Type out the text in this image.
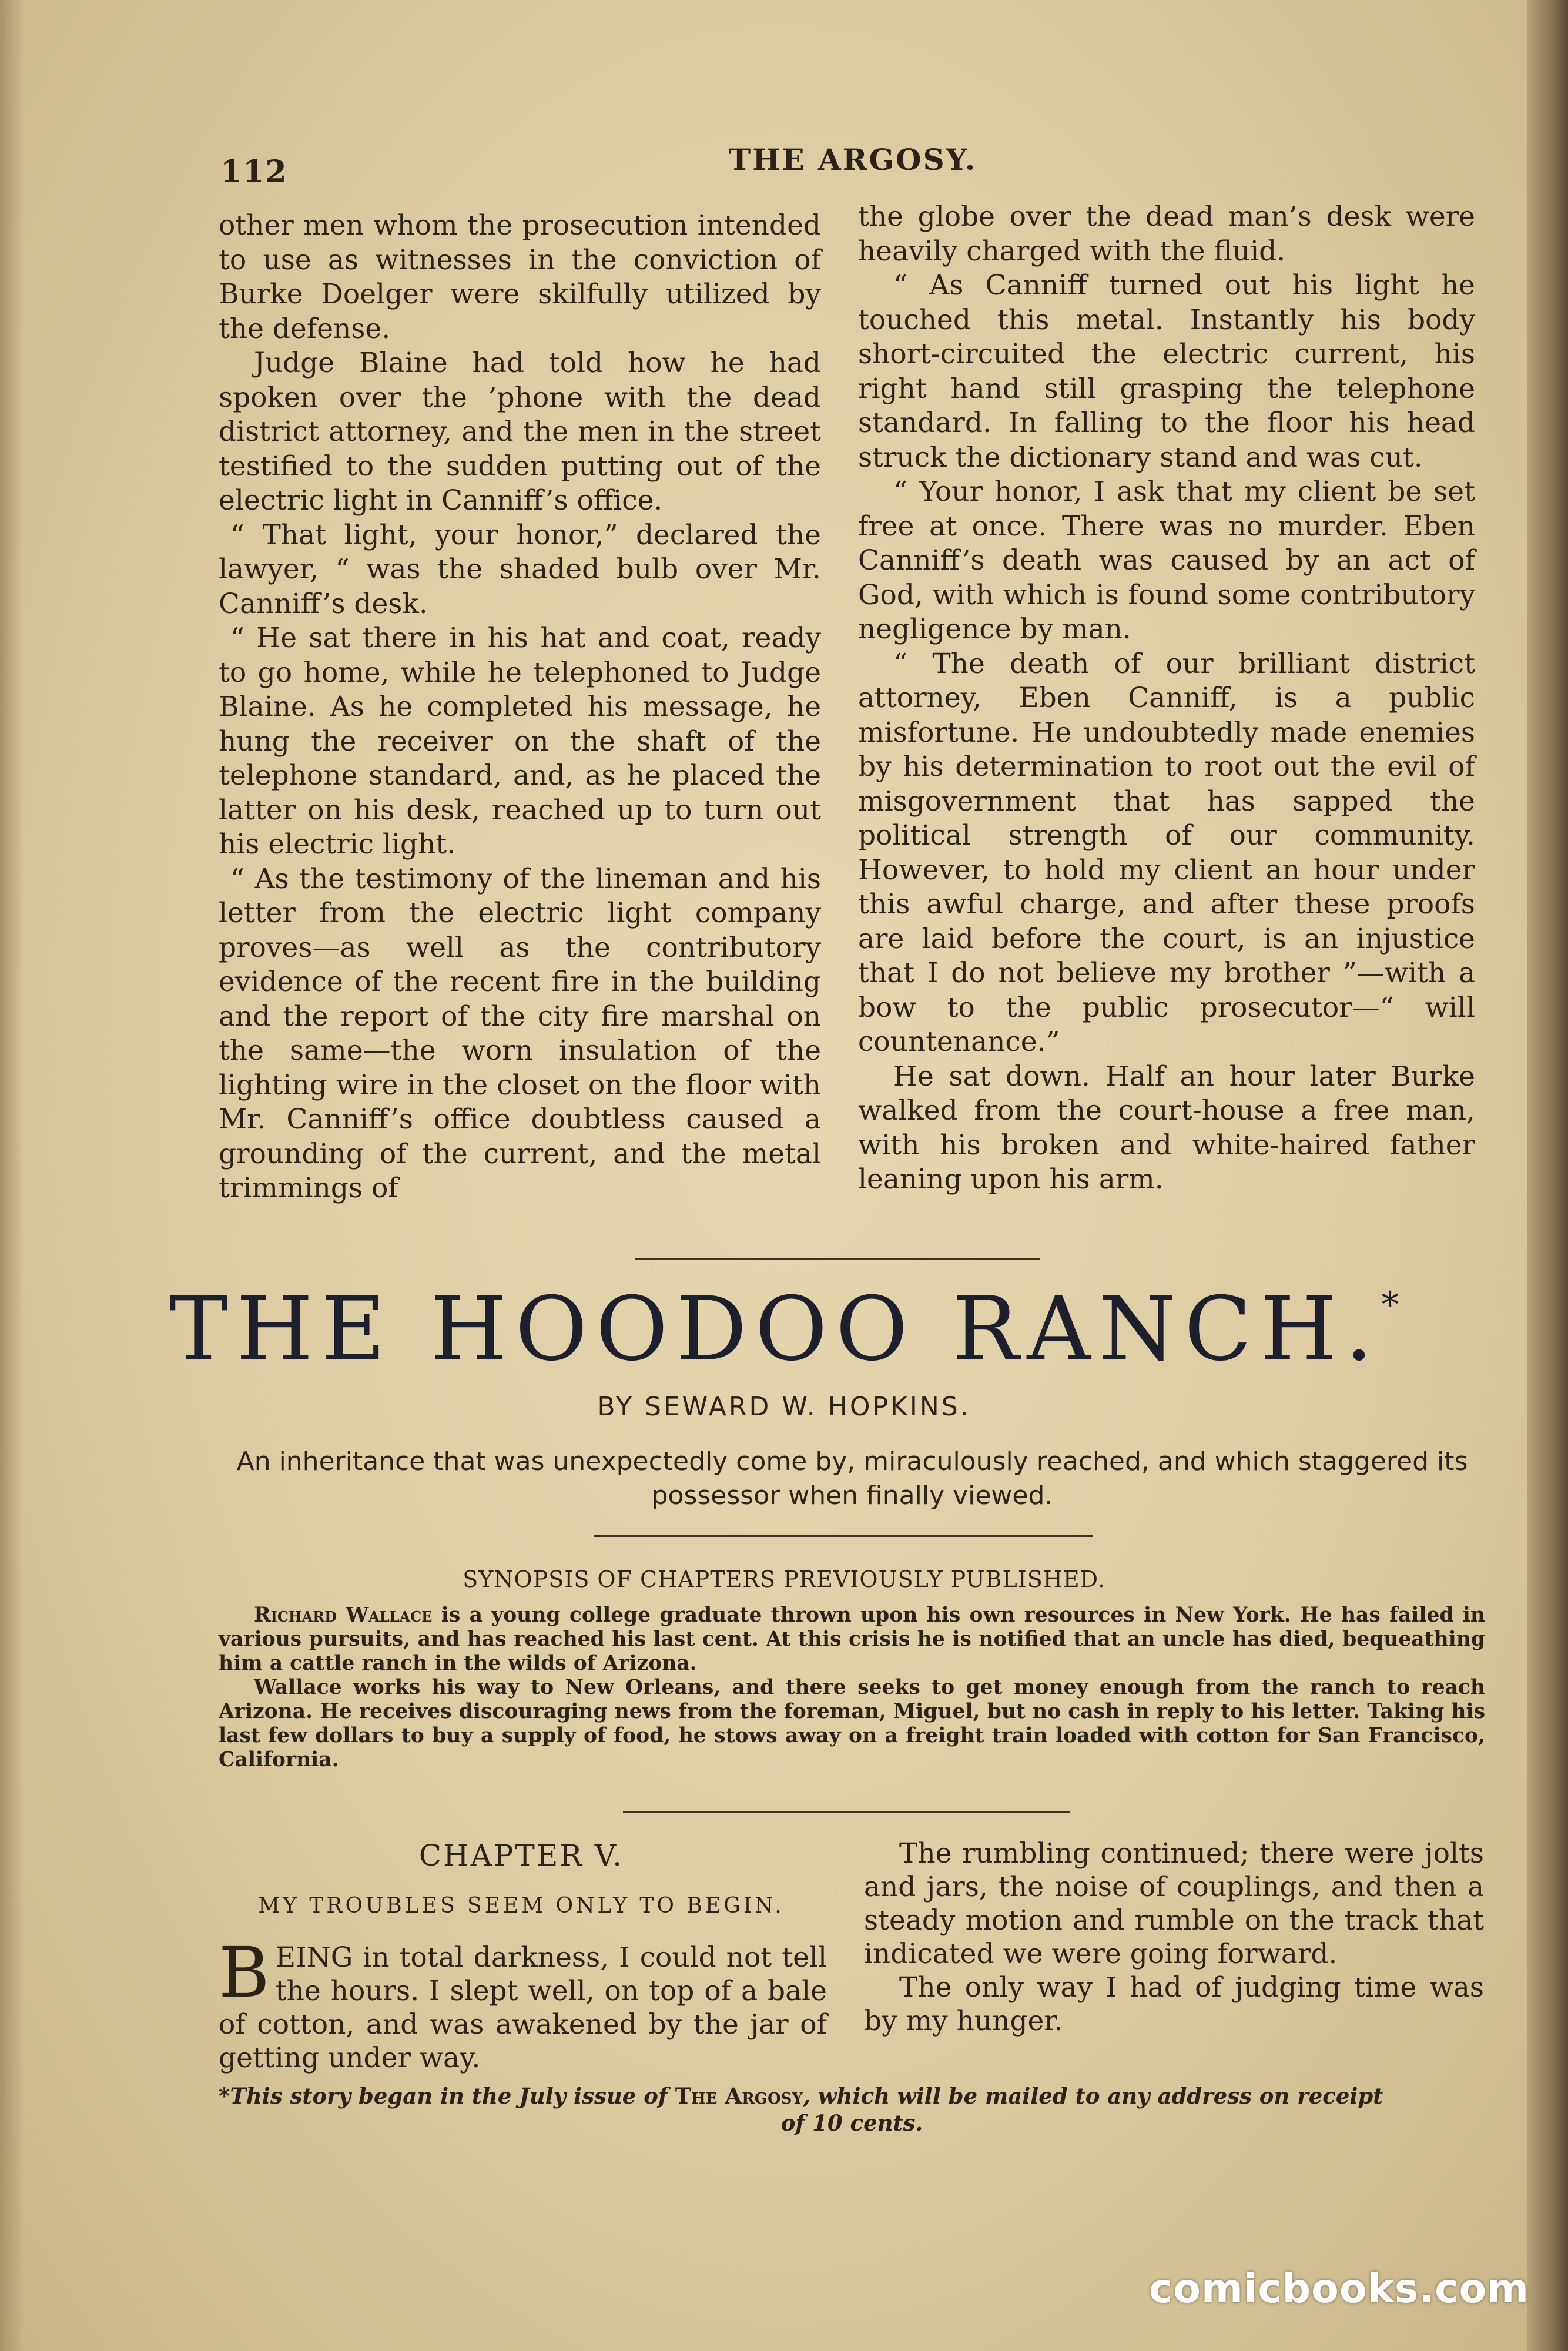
112	THE ARGOSY.

other men whom the prosecution intended to use as witnesses in the conviction of Burke Doelger were skilfully utilized by the defense.

Judge Blaine had told how he had spoken over the ’phone with the dead district attorney, and the men in the street testified to the sudden putting out of the electric light in Canniff’s office.

“ That light, your honor,” declared the lawyer, “ was the shaded bulb over Mr. Canniff’s desk.

“ He sat there in his hat and coat, ready to go home, while he telephoned to Judge Blaine. As he completed his message, he hung the receiver on the shaft of the telephone standard, and, as he placed the latter on his desk, reached up to turn out his electric light.

“ As the testimony of the lineman and his letter from the electric light company proves—as well as the contributory evidence of the recent fire in the building and the report of the city fire marshal on the same—the worn insulation of the lighting wire in the closet on the floor with Mr. Canniff’s office doubtless caused a grounding of the current, and the metal trimmings of

the globe over the dead man’s desk were heavily charged with the fluid.

“ As Canniff turned out his light he touched this metal. Instantly his body short-circuited the electric current, his right hand still grasping the telephone standard. In falling to the floor his head struck the dictionary stand and was cut.

“ Your honor, I ask that my client be set free at once. There was no murder. Eben Canniff’s death was caused by an act of God, with which is found some contributory negligence by man.

“ The death of our brilliant district attorney, Eben Canniff, is a public misfortune. He undoubtedly made enemies by his determination to root out the evil of misgovernment that has sapped the political strength of our community. However, to hold my client an hour under this awful charge, and after these proofs are laid before the court, is an injustice that I do not believe my brother ”—with a bow to the public prosecutor—“ will countenance.”

He sat down. Half an hour later Burke walked from the court-house a free man, with his broken and white-haired father leaning upon his arm.

THE HOODOO RANCH.*
BY SEWARD W. HOPKINS.
An inheritance that was unexpectedly come by, miraculously reached, and which staggered its possessor when finally viewed.
SYNOPSIS OF CHAPTERS PREVIOUSLY PUBLISHED.

Richard Wallace is a young college graduate thrown upon his own resources in New York. He has failed in various pursuits, and has reached his last cent. At this crisis he is notified that an uncle has died, bequeathing him a cattle ranch in the wilds of Arizona.

Wallace works his way to New Orleans, and there seeks to get money enough from the ranch to reach Arizona. He receives discouraging news from the foreman, Miguel, but no cash in reply to his letter. Taking his last few dollars to buy a supply of food, he stows away on a freight train loaded with cotton for San Francisco, California.

CHAPTER V.
MY TROUBLES SEEM ONLY TO BEGIN.

BEING in total darkness, I could not tell the hours. I slept well, on top of a bale of cotton, and was awakened by the jar of getting under way.

The rumbling continued; there were jolts and jars, the noise of couplings, and then a steady motion and rumble on the track that indicated we were going forward.

The only way I had of judging time was by my hunger.

*This story began in the July issue of The Argosy, which will be mailed to any address on receipt
of 10 cents.
comicbooks.com
